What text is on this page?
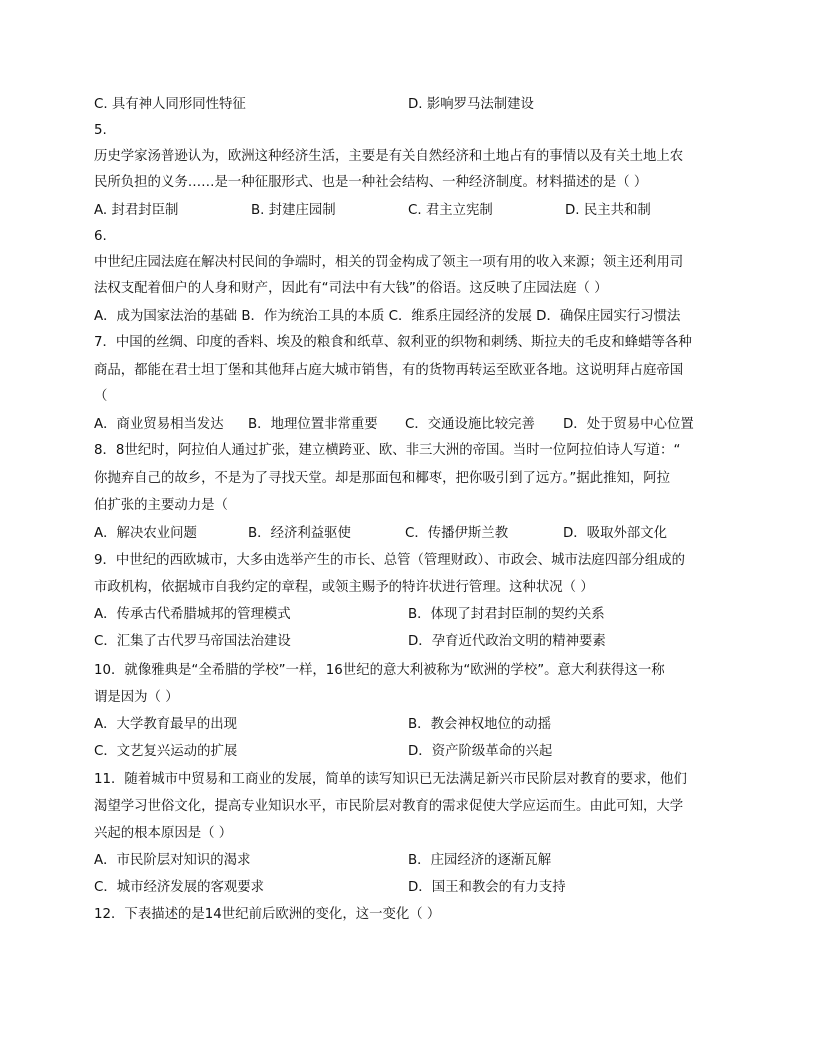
C. 具有神人同形同性特征	D. 影响罗马法制建设
5.
历史学家汤普逊认为，欧洲这种经济生活，主要是有关自然经济和土地占有的事情以及有关土地上农
民所负担的义务……是一种征服形式、也是一种社会结构、一种经济制度。材料描述的是（ ）
A. 封君封臣制	B. 封建庄园制	C. 君主立宪制	D. 民主共和制
6.
中世纪庄园法庭在解决村民间的争端时，相关的罚金构成了领主一项有用的收入来源；领主还利用司
法权支配着佃户的人身和财产，因此有“司法中有大钱”的俗语。这反映了庄园法庭（ ）
A．成为国家法治的基础 B．作为统治工具的本质 C．维系庄园经济的发展 D．确保庄园实行习惯法
7．中国的丝绸、印度的香料、埃及的粮食和纸草、叙利亚的织物和刺绣、斯拉夫的毛皮和蜂蜡等各种
商品，都能在君士坦丁堡和其他拜占庭大城市销售，有的货物再转运至欧亚各地。这说明拜占庭帝国
（
A．商业贸易相当发达 B．地理位置非常重要 C．交通设施比较完善 D．处于贸易中心位置
8．8世纪时，阿拉伯人通过扩张，建立横跨亚、欧、非三大洲的帝国。当时一位阿拉伯诗人写道：“
你抛弃自己的故乡，不是为了寻找天堂。却是那面包和椰枣，把你吸引到了远方。”据此推知，阿拉
伯扩张的主要动力是（
A．解决农业问题	B．经济利益驱使	C．传播伊斯兰教	D．吸取外部文化
9．中世纪的西欧城市，大多由选举产生的市长、总管（管理财政）、市政会、城市法庭四部分组成的
市政机构，依据城市自我约定的章程，或领主赐予的特许状进行管理。这种状况（ ）
A．传承古代希腊城邦的管理模式	B．体现了封君封臣制的契约关系
C．汇集了古代罗马帝国法治建设	D．孕育近代政治文明的精神要素
10．就像雅典是“全希腊的学校”一样，16世纪的意大利被称为“欧洲的学校”。意大利获得这一称
谓是因为（ ）
A．大学教育最早的出现	B．教会神权地位的动摇
C．文艺复兴运动的扩展	D．资产阶级革命的兴起
11．随着城市中贸易和工商业的发展，简单的读写知识已无法满足新兴市民阶层对教育的要求，他们
渴望学习世俗文化，提高专业知识水平，市民阶层对教育的需求促使大学应运而生。由此可知，大学
兴起的根本原因是（ ）
A．市民阶层对知识的渴求	B．庄园经济的逐渐瓦解
C．城市经济发展的客观要求	D．国王和教会的有力支持
12．下表描述的是14世纪前后欧洲的变化，这一变化（ ）
